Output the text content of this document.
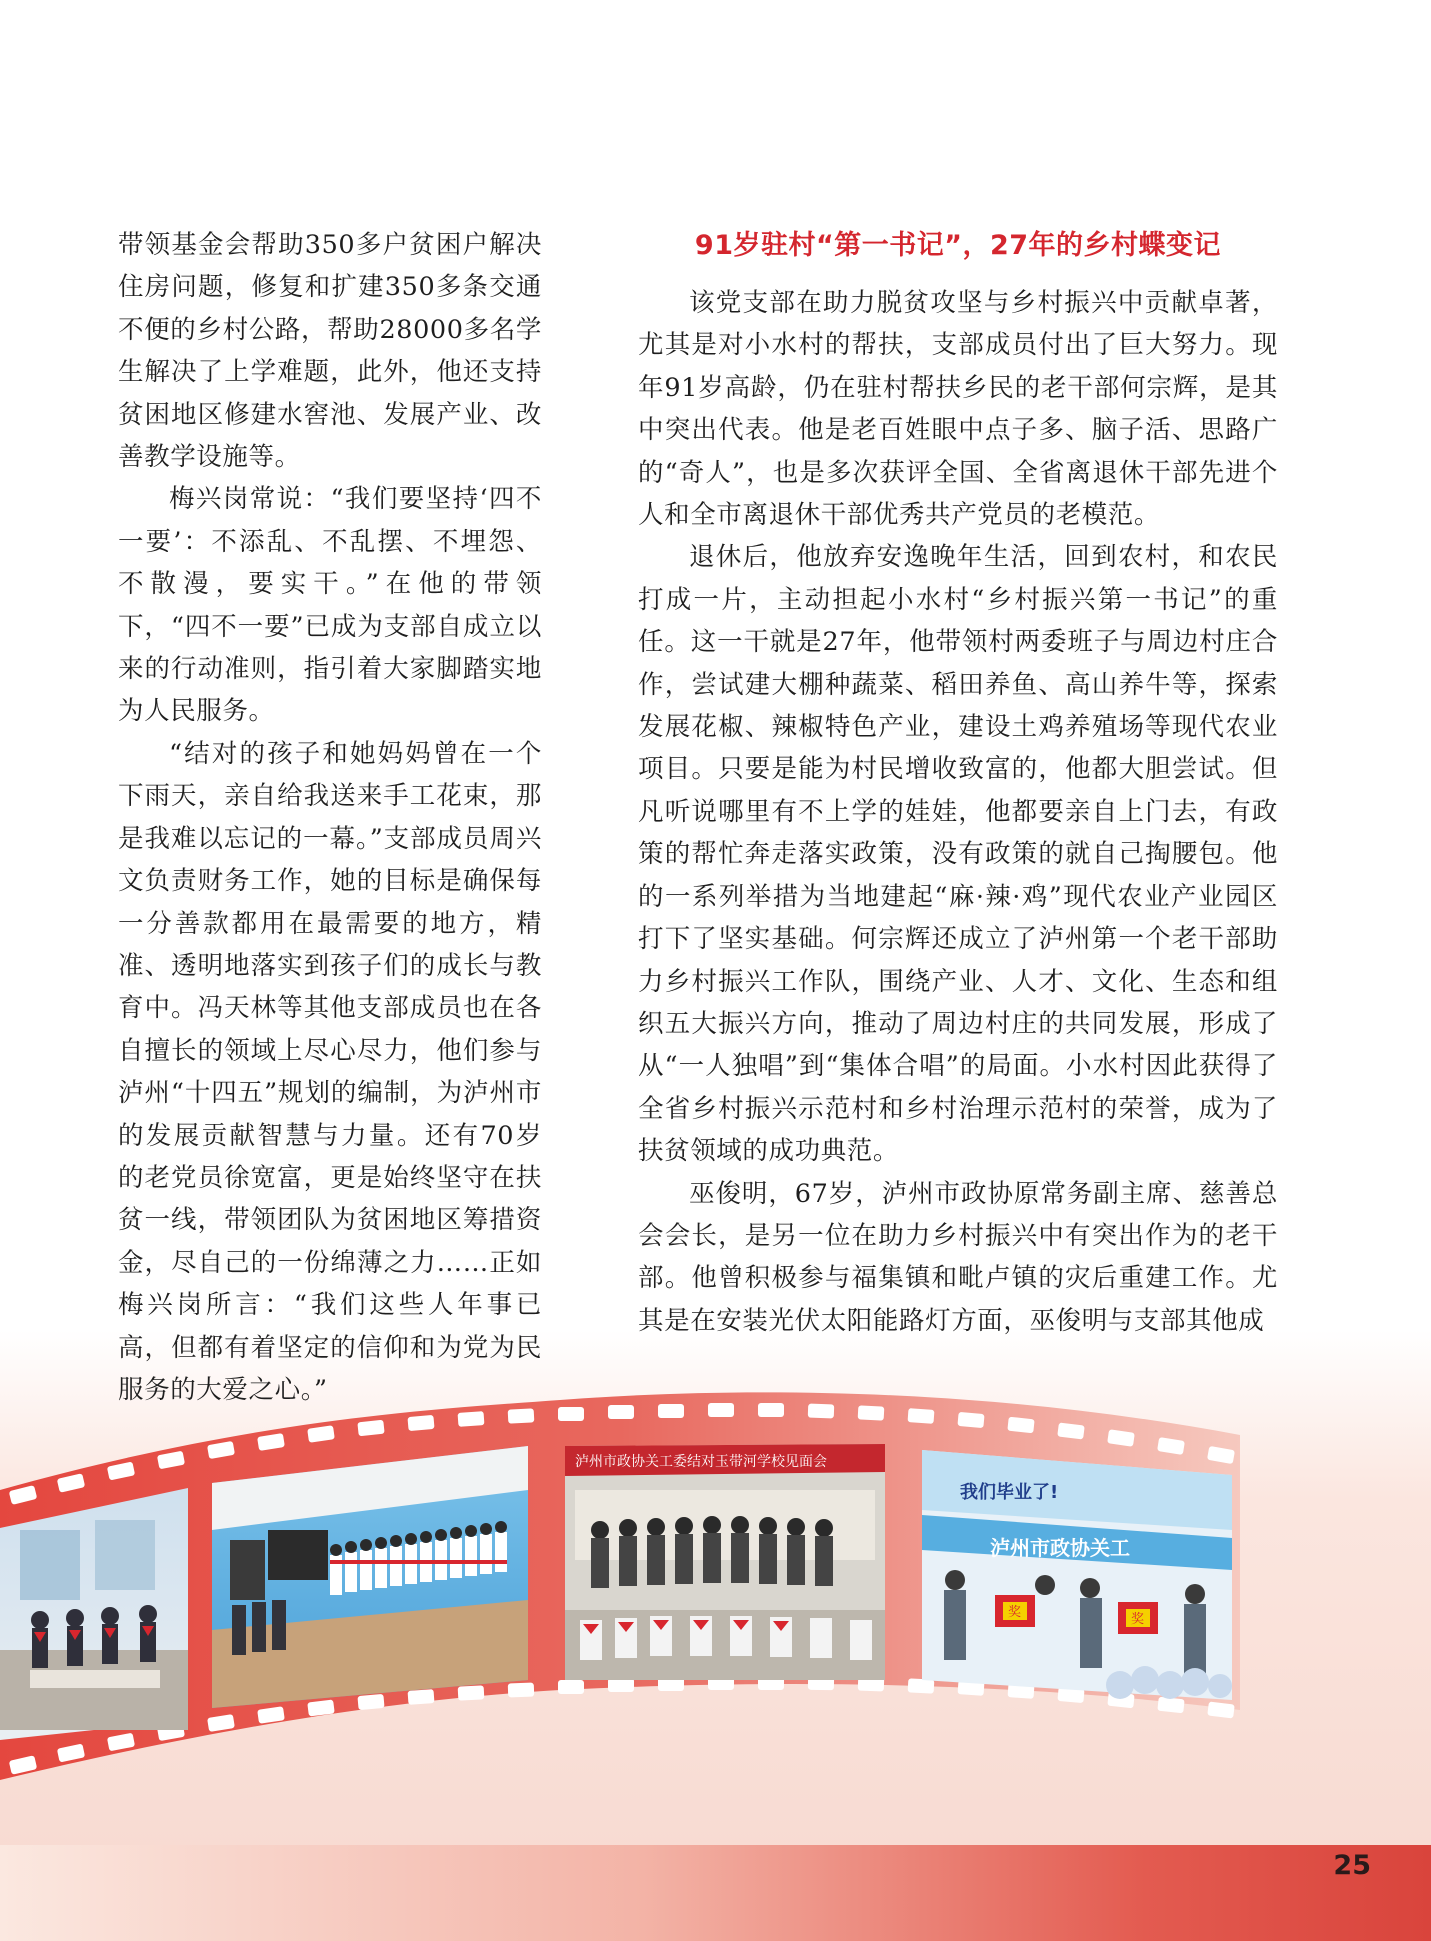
带领基金会帮助350多户贫困户解决住房问题，修复和扩建350多条交通不便的乡村公路，帮助28000多名学生解决了上学难题，此外，他还支持贫困地区修建水窖池、发展产业、改善教学设施等。

梅兴岗常说：“我们要坚持‘四不一要’：不添乱、不乱摆、不埋怨、不散漫，要实干。”在他的带领下，“四不一要”已成为支部自成立以来的行动准则，指引着大家脚踏实地为人民服务。

“结对的孩子和她妈妈曾在一个下雨天，亲自给我送来手工花束，那是我难以忘记的一幕。”支部成员周兴文负责财务工作，她的目标是确保每一分善款都用在最需要的地方，精准、透明地落实到孩子们的成长与教育中。冯天林等其他支部成员也在各自擅长的领域上尽心尽力，他们参与泸州“十四五”规划的编制，为泸州市的发展贡献智慧与力量。还有70岁的老党员徐宽富，更是始终坚守在扶贫一线，带领团队为贫困地区筹措资金，尽自己的一份绵薄之力……正如梅兴岗所言：“我们这些人年事已高，但都有着坚定的信仰和为党为民服务的大爱之心。”

91岁驻村“第一书记”，27年的乡村蝶变记

该党支部在助力脱贫攻坚与乡村振兴中贡献卓著，尤其是对小水村的帮扶，支部成员付出了巨大努力。现年91岁高龄，仍在驻村帮扶乡民的老干部何宗辉，是其中突出代表。他是老百姓眼中点子多、脑子活、思路广的“奇人”，也是多次获评全国、全省离退休干部先进个人和全市离退休干部优秀共产党员的老模范。

退休后，他放弃安逸晚年生活，回到农村，和农民打成一片，主动担起小水村“乡村振兴第一书记”的重任。这一干就是27年，他带领村两委班子与周边村庄合作，尝试建大棚种蔬菜、稻田养鱼、高山养牛等，探索发展花椒、辣椒特色产业，建设土鸡养殖场等现代农业项目。只要是能为村民增收致富的，他都大胆尝试。但凡听说哪里有不上学的娃娃，他都要亲自上门去，有政策的帮忙奔走落实政策，没有政策的就自己掏腰包。他的一系列举措为当地建起“麻·辣·鸡”现代农业产业园区打下了坚实基础。何宗辉还成立了泸州第一个老干部助力乡村振兴工作队，围绕产业、人才、文化、生态和组织五大振兴方向，推动了周边村庄的共同发展，形成了从“一人独唱”到“集体合唱”的局面。小水村因此获得了全省乡村振兴示范村和乡村治理示范村的荣誉，成为了扶贫领域的成功典范。

巫俊明，67岁，泸州市政协原常务副主席、慈善总会会长，是另一位在助力乡村振兴中有突出作为的老干部。他曾积极参与福集镇和毗卢镇的灾后重建工作。尤其是在安装光伏太阳能路灯方面，巫俊明与支部其他成

泸州市政协关工委结对玉带河学校见面会
我们毕业了!
泸州市政协关工
奖	奖
25
